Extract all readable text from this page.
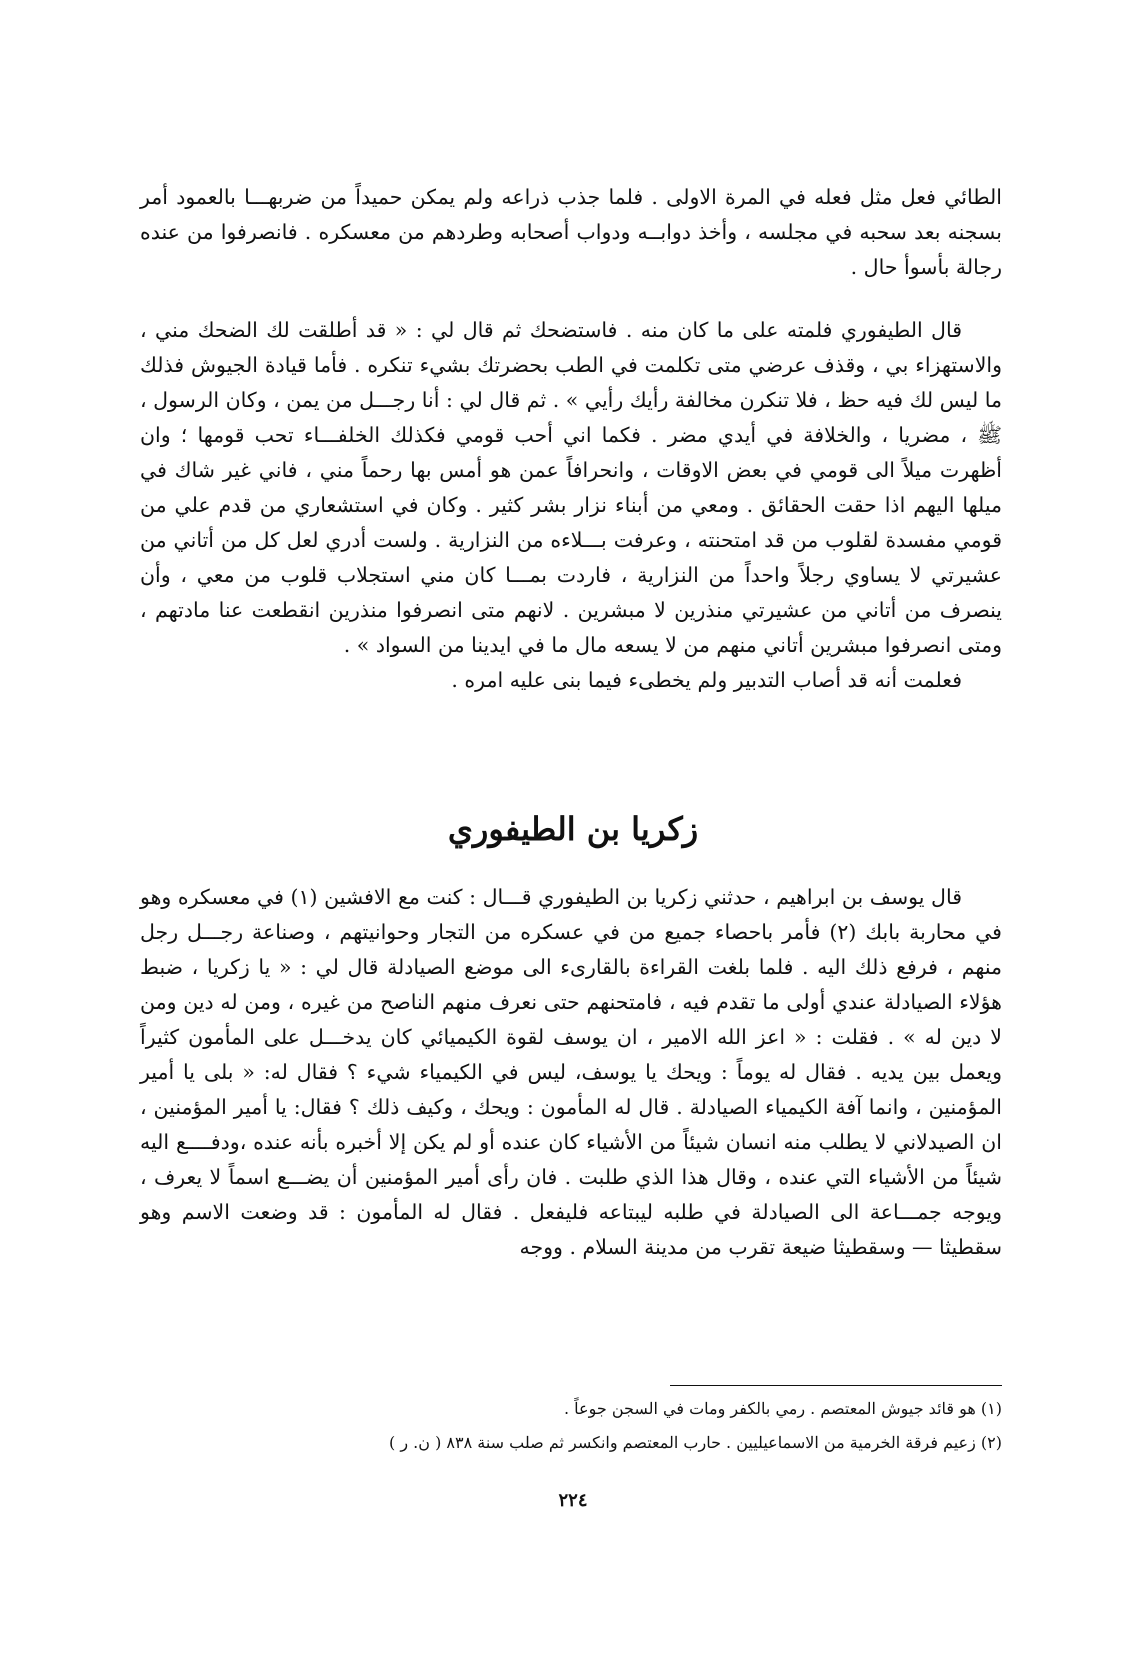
الطائي فعل مثل فعله في المرة الاولى . فلما جذب ذراعه ولم يمكن حميداً من ضربهـــا بالعمود أمر بسجنه بعد سحبه في مجلسه ، وأخذ دوابــه ودواب أصحابه وطردهم من معسكره . فانصرفوا من عنده رجالة بأسوأ حال .

قال الطيفوري فلمته على ما كان منه . فاستضحك ثم قال لي : « قد أطلقت لك الضحك مني ، والاستهزاء بي ، وقذف عرضي متى تكلمت في الطب بحضرتك بشيء تنكره . فأما قيادة الجيوش فذلك ما ليس لك فيه حظ ، فلا تنكرن مخالفة رأيك رأيي » . ثم قال لي : أنا رجـــل من يمن ، وكان الرسول ، ﷺ ، مضريا ، والخلافة في أيدي مضر . فكما اني أحب قومي فكذلك الخلفـــاء تحب قومها ؛ وان أظهرت ميلاً الى قومي في بعض الاوقات ، وانحرافاً عمن هو أمس بها رحماً مني ، فاني غير شاك في ميلها اليهم اذا حقت الحقائق . ومعي من أبناء نزار بشر كثير . وكان في استشعاري من قدم علي من قومي مفسدة لقلوب من قد امتحنته ، وعرفت بـــلاءه من النزارية . ولست أدري لعل كل من أتاني من عشيرتي لا يساوي رجلاً واحداً من النزارية ، فاردت بمـــا كان مني استجلاب قلوب من معي ، وأن ينصرف من أتاني من عشيرتي منذرين لا مبشرين . لانهم متى انصرفوا منذرين انقطعت عنا مادتهم ، ومتى انصرفوا مبشرين أتاني منهم من لا يسعه مال ما في ايدينا من السواد » .

فعلمت أنه قد أصاب التدبير ولم يخطىء فيما بنى عليه امره .

زكريا بن الطيفوري

قال يوسف بن ابراهيم ، حدثني زكريا بن الطيفوري قـــال : كنت مع الافشين (١) في معسكره وهو في محاربة بابك (٢) فأمر باحصاء جميع من في عسكره من التجار وحوانيتهم ، وصناعة رجـــل رجل منهم ، فرفع ذلك اليه . فلما بلغت القراءة بالقارىء الى موضع الصيادلة قال لي : « يا زكريا ، ضبط هؤلاء الصيادلة عندي أولى ما تقدم فيه ، فامتحنهم حتى نعرف منهم الناصح من غيره ، ومن له دين ومن لا دين له » . فقلت : « اعز الله الامير ، ان يوسف لقوة الكيميائي كان يدخـــل على المأمون كثيراً ويعمل بين يديه . فقال له يوماً : ويحك يا يوسف، ليس في الكيمياء شيء ؟ فقال له: « بلى يا أمير المؤمنين ، وانما آفة الكيمياء الصيادلة . قال له المأمون : ويحك ، وكيف ذلك ؟ فقال: يا أمير المؤمنين ، ان الصيدلاني لا يطلب منه انسان شيئاً من الأشياء كان عنده أو لم يكن إلا أخبره بأنه عنده ،ودفــــع اليه شيئاً من الأشياء التي عنده ، وقال هذا الذي طلبت . فان رأى أمير المؤمنين أن يضـــع اسماً لا يعرف ، ويوجه جمـــاعة الى الصيادلة في طلبه ليبتاعه فليفعل . فقال له المأمون : قد وضعت الاسم وهو سقطيثا — وسقطيثا ضيعة تقرب من مدينة السلام . ووجه

(١) هو قائد جيوش المعتصم . رمي بالكفر ومات في السجن جوعاً .

(٢) زعيم فرقة الخرمية من الاسماعيليين . حارب المعتصم وانكسر ثم صلب سنة ٨٣٨ ( ن. ر )

٢٢٤
